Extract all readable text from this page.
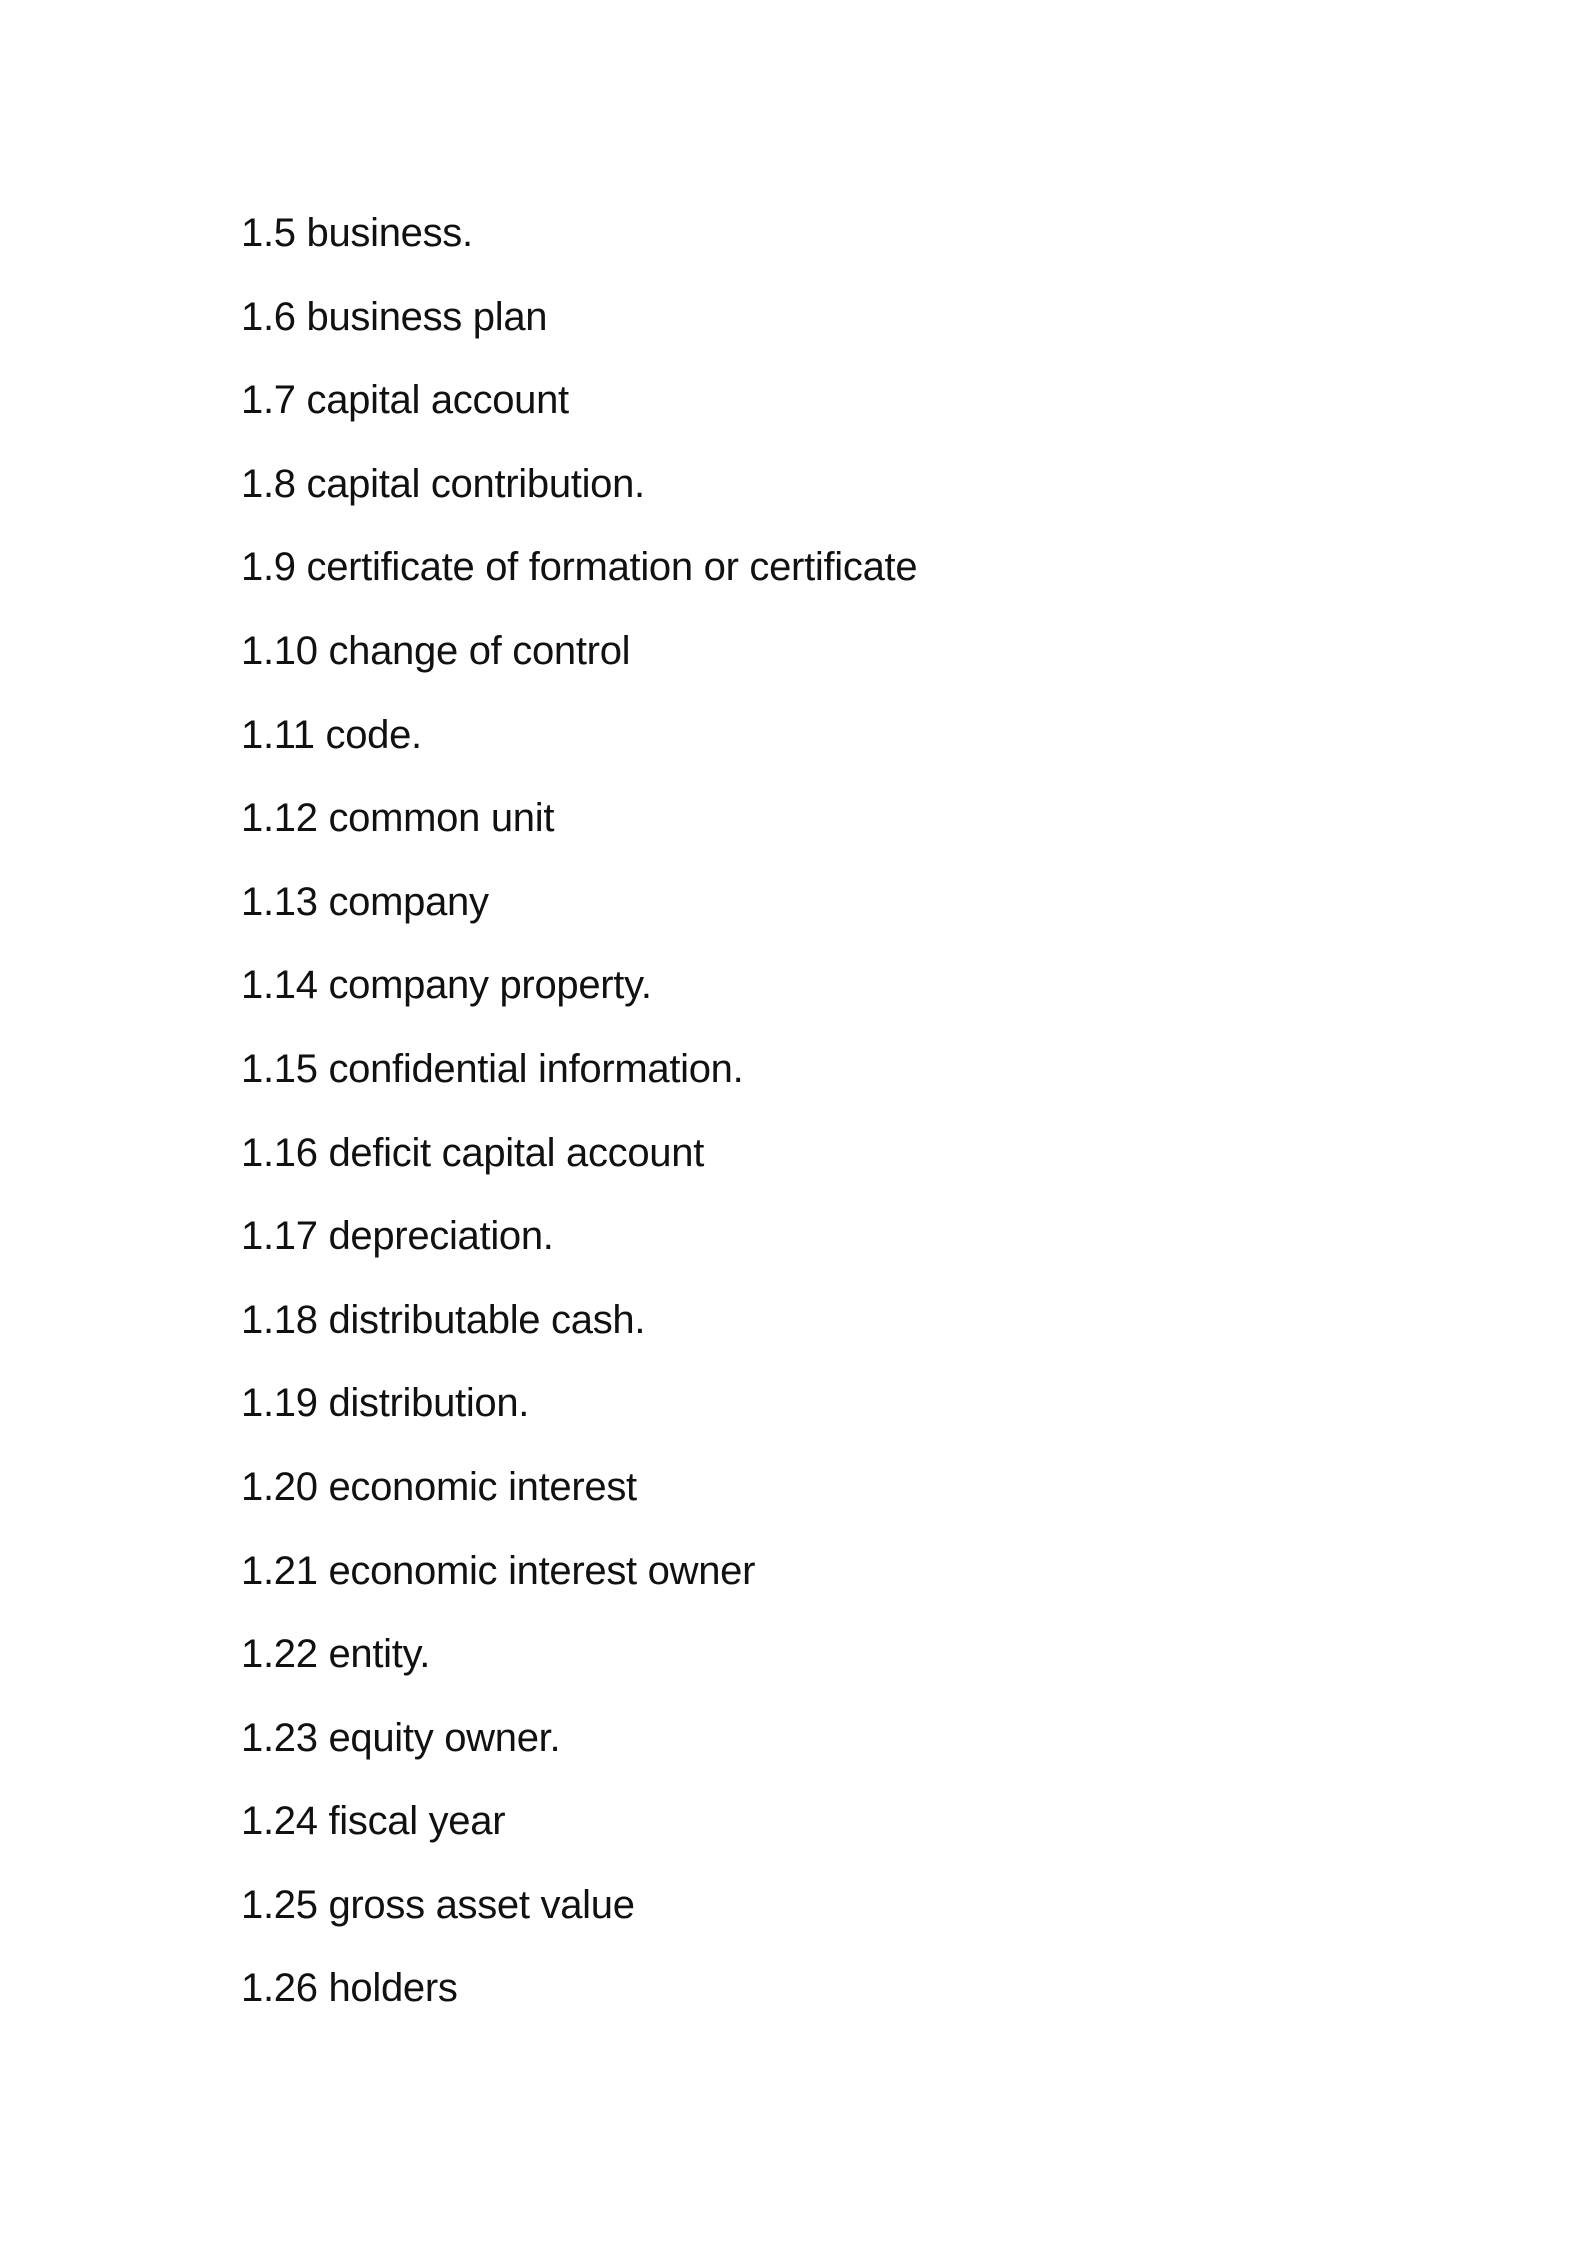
1.5 business.
1.6 business plan
1.7 capital account
1.8 capital contribution.
1.9 certificate of formation or certificate
1.10 change of control
1.11 code.
1.12 common unit
1.13 company
1.14 company property.
1.15 confidential information.
1.16 deficit capital account
1.17 depreciation.
1.18 distributable cash.
1.19 distribution.
1.20 economic interest
1.21 economic interest owner
1.22 entity.
1.23 equity owner.
1.24 fiscal year
1.25 gross asset value
1.26 holders
